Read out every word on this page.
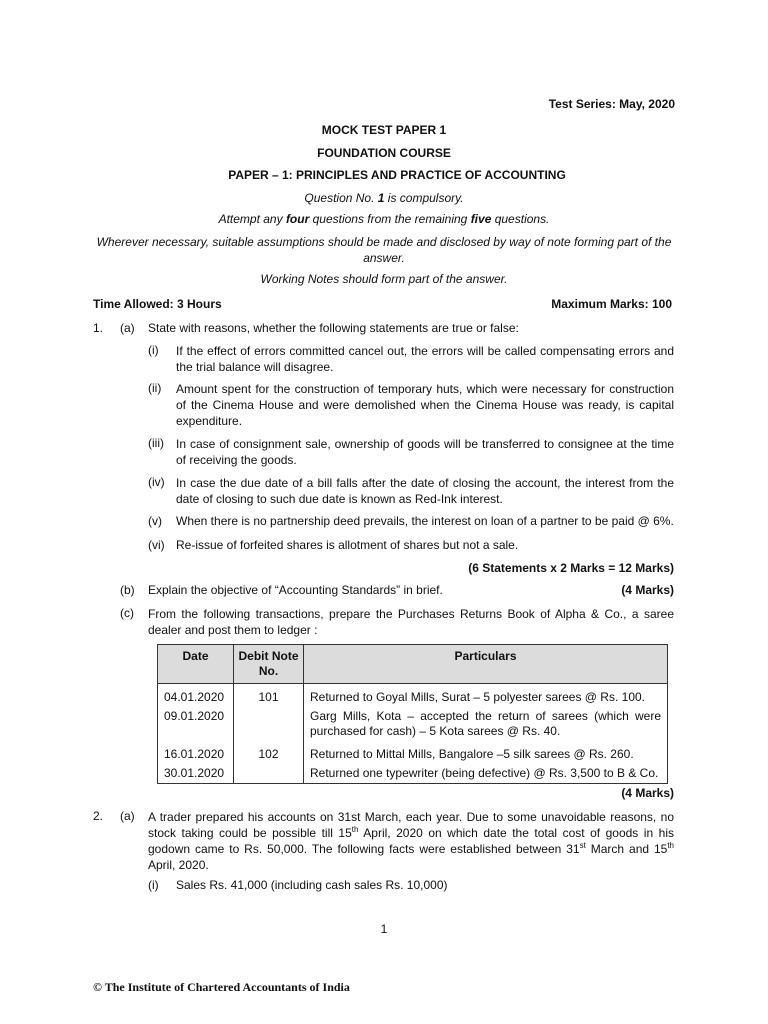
Test Series: May, 2020
MOCK TEST PAPER 1
FOUNDATION COURSE
PAPER – 1: PRINCIPLES AND PRACTICE OF ACCOUNTING
Question No. 1 is compulsory.
Attempt any four questions from the remaining five questions.
Wherever necessary, suitable assumptions should be made and disclosed by way of note forming part of the answer.
Working Notes should form part of the answer.
Time Allowed: 3 Hours	Maximum Marks: 100
1. (a) State with reasons, whether the following statements are true or false:
(i) If the effect of errors committed cancel out, the errors will be called compensating errors and the trial balance will disagree.
(ii) Amount spent for the construction of temporary huts, which were necessary for construction of the Cinema House and were demolished when the Cinema House was ready, is capital expenditure.
(iii) In case of consignment sale, ownership of goods will be transferred to consignee at the time of receiving the goods.
(iv) In case the due date of a bill falls after the date of closing the account, the interest from the date of closing to such due date is known as Red-Ink interest.
(v) When there is no partnership deed prevails, the interest on loan of a partner to be paid @ 6%.
(vi) Re-issue of forfeited shares is allotment of shares but not a sale.
(6 Statements x 2 Marks = 12 Marks)
(b) Explain the objective of “Accounting Standards” in brief.	(4 Marks)
(c) From the following transactions, prepare the Purchases Returns Book of Alpha & Co., a saree dealer and post them to ledger :
Date	Debit Note No.	Particulars
04.01.2020	101	Returned to Goyal Mills, Surat – 5 polyester sarees @ Rs. 100.
09.01.2020		Garg Mills, Kota – accepted the return of sarees (which were purchased for cash) – 5 Kota sarees @ Rs. 40.
16.01.2020	102	Returned to Mittal Mills, Bangalore –5 silk sarees @ Rs. 260.
30.01.2020		Returned one typewriter (being defective) @ Rs. 3,500 to B & Co.
(4 Marks)
2. (a) A trader prepared his accounts on 31st March, each year. Due to some unavoidable reasons, no stock taking could be possible till 15th April, 2020 on which date the total cost of goods in his godown came to Rs. 50,000. The following facts were established between 31st March and 15th April, 2020.
(i) Sales Rs. 41,000 (including cash sales Rs. 10,000)
1
© The Institute of Chartered Accountants of India
